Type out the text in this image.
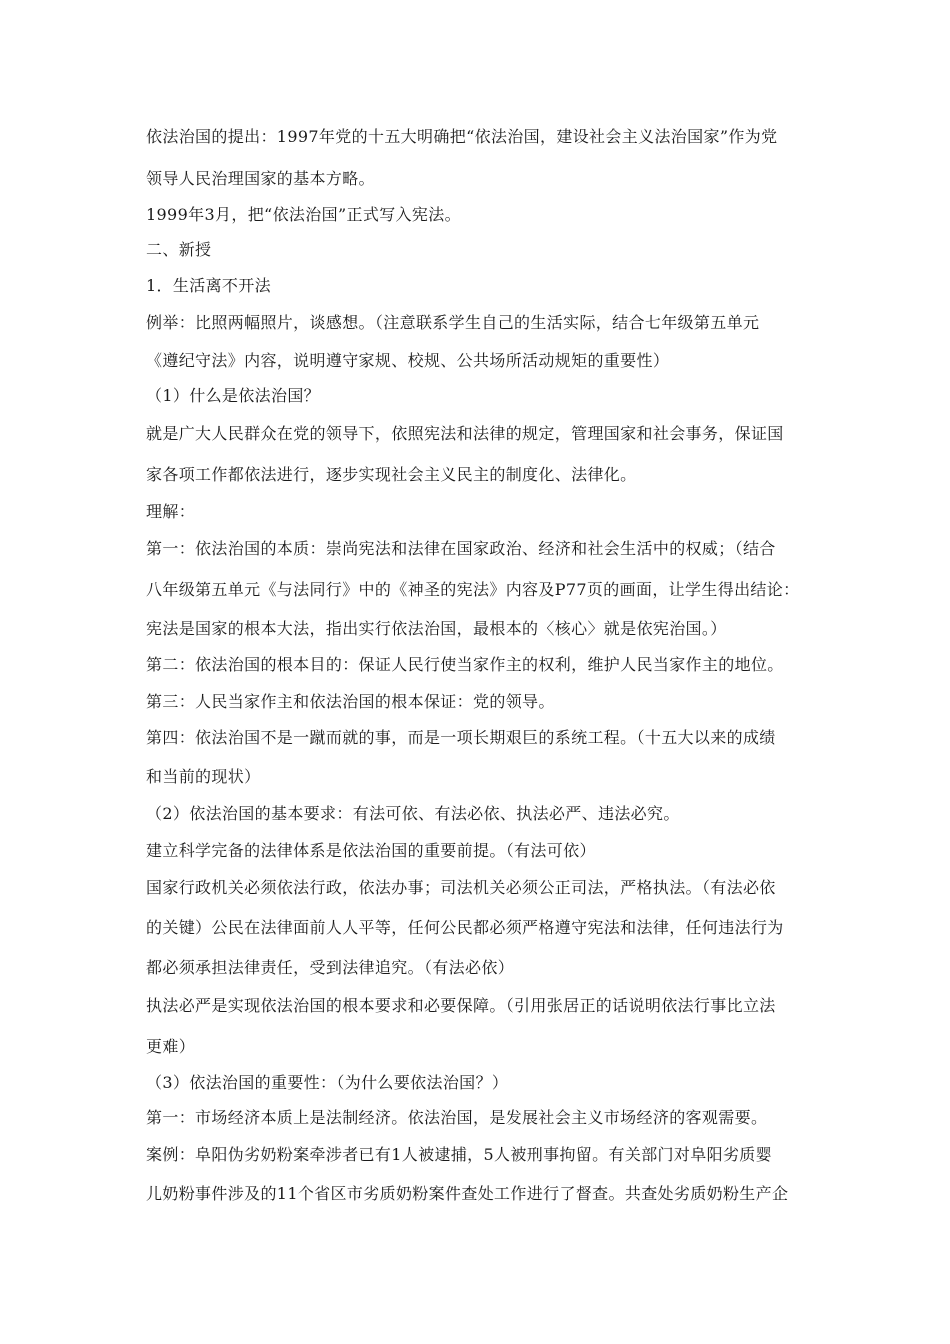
依法治国的提出：1997年党的十五大明确把“依法治国，建设社会主义法治国家”作为党
领导人民治理国家的基本方略。
1999年3月，把“依法治国”正式写入宪法。
二、新授
1．生活离不开法
例举：比照两幅照片，谈感想。（注意联系学生自己的生活实际，结合七年级第五单元
《遵纪守法》内容，说明遵守家规、校规、公共场所活动规矩的重要性）
（1）什么是依法治国？
就是广大人民群众在党的领导下，依照宪法和法律的规定，管理国家和社会事务，保证国
家各项工作都依法进行，逐步实现社会主义民主的制度化、法律化。
理解：
第一：依法治国的本质：崇尚宪法和法律在国家政治、经济和社会生活中的权威；（结合
八年级第五单元《与法同行》中的《神圣的宪法》内容及P77页的画面，让学生得出结论：
宪法是国家的根本大法，指出实行依法治国，最根本的〈核心〉就是依宪治国。）
第二：依法治国的根本目的：保证人民行使当家作主的权利，维护人民当家作主的地位。
第三：人民当家作主和依法治国的根本保证：党的领导。
第四：依法治国不是一蹴而就的事，而是一项长期艰巨的系统工程。（十五大以来的成绩
和当前的现状）
（2）依法治国的基本要求：有法可依、有法必依、执法必严、违法必究。
建立科学完备的法律体系是依法治国的重要前提。（有法可依）
国家行政机关必须依法行政，依法办事；司法机关必须公正司法，严格执法。（有法必依
的关键）公民在法律面前人人平等，任何公民都必须严格遵守宪法和法律，任何违法行为
都必须承担法律责任，受到法律追究。（有法必依）
执法必严是实现依法治国的根本要求和必要保障。（引用张居正的话说明依法行事比立法
更难）
（3）依法治国的重要性：（为什么要依法治国？）
第一：市场经济本质上是法制经济。依法治国，是发展社会主义市场经济的客观需要。
案例：阜阳伪劣奶粉案牵涉者已有1人被逮捕，5人被刑事拘留。有关部门对阜阳劣质婴
儿奶粉事件涉及的11个省区市劣质奶粉案件查处工作进行了督查。共查处劣质奶粉生产企
